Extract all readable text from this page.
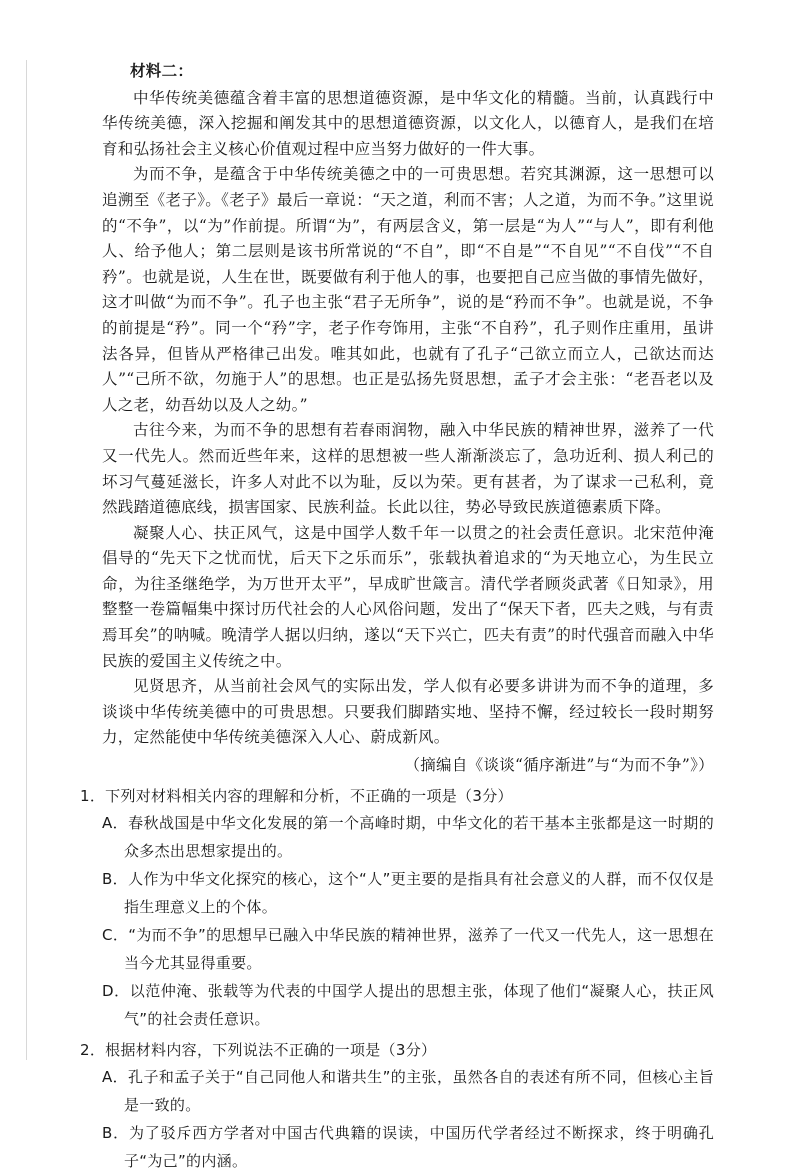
材料二：

中华传统美德蕴含着丰富的思想道德资源，是中华文化的精髓。当前，认真践行中华传统美德，深入挖掘和阐发其中的思想道德资源，以文化人，以德育人，是我们在培育和弘扬社会主义核心价值观过程中应当努力做好的一件大事。

为而不争，是蕴含于中华传统美德之中的一可贵思想。若究其渊源，这一思想可以追溯至《老子》。《老子》最后一章说：“天之道，利而不害；人之道，为而不争。”这里说的“不争”，以“为”作前提。所谓“为”，有两层含义，第一层是“为人”“与人”，即有利他人、给予他人；第二层则是该书所常说的“不自”，即“不自是”“不自见”“不自伐”“不自矜”。也就是说，人生在世，既要做有利于他人的事，也要把自己应当做的事情先做好，这才叫做“为而不争”。孔子也主张“君子无所争”，说的是“矜而不争”。也就是说，不争的前提是“矜”。同一个“矜”字，老子作夸饰用，主张“不自矜”，孔子则作庄重用，虽讲法各异，但皆从严格律己出发。唯其如此，也就有了孔子“己欲立而立人，己欲达而达人”“己所不欲，勿施于人”的思想。也正是弘扬先贤思想，孟子才会主张：“老吾老以及人之老，幼吾幼以及人之幼。”

古往今来，为而不争的思想有若春雨润物，融入中华民族的精神世界，滋养了一代又一代先人。然而近些年来，这样的思想被一些人渐渐淡忘了，急功近利、损人利己的坏习气蔓延滋长，许多人对此不以为耻，反以为荣。更有甚者，为了谋求一己私利，竟然践踏道德底线，损害国家、民族利益。长此以往，势必导致民族道德素质下降。

凝聚人心、扶正风气，这是中国学人数千年一以贯之的社会责任意识。北宋范仲淹倡导的“先天下之忧而忧，后天下之乐而乐”，张载执着追求的“为天地立心，为生民立命，为往圣继绝学，为万世开太平”，早成旷世箴言。清代学者顾炎武著《日知录》，用整整一卷篇幅集中探讨历代社会的人心风俗问题，发出了“保天下者，匹夫之贱，与有责焉耳矣”的呐喊。晚清学人据以归纳，遂以“天下兴亡，匹夫有责”的时代强音而融入中华民族的爱国主义传统之中。

见贤思齐，从当前社会风气的实际出发，学人似有必要多讲讲为而不争的道理，多谈谈中华传统美德中的可贵思想。只要我们脚踏实地、坚持不懈，经过较长一段时期努力，定然能使中华传统美德深入人心、蔚成新风。

（摘编自《谈谈“循序渐进”与“为而不争”》）
1．下列对材料相关内容的理解和分析，不正确的一项是（3分）
A．春秋战国是中华文化发展的第一个高峰时期，中华文化的若干基本主张都是这一时期的众多杰出思想家提出的。
B．人作为中华文化探究的核心，这个“人”更主要的是指具有社会意义的人群，而不仅仅是指生理意义上的个体。
C．“为而不争”的思想早已融入中华民族的精神世界，滋养了一代又一代先人，这一思想在当今尤其显得重要。
D．以范仲淹、张载等为代表的中国学人提出的思想主张，体现了他们“凝聚人心，扶正风气”的社会责任意识。
2．根据材料内容，下列说法不正确的一项是（3分）
A．孔子和孟子关于“自己同他人和谐共生”的主张，虽然各自的表述有所不同，但核心主旨是一致的。
B．为了驳斥西方学者对中国古代典籍的误读，中国历代学者经过不断探求，终于明确孔子“为己”的内涵。
